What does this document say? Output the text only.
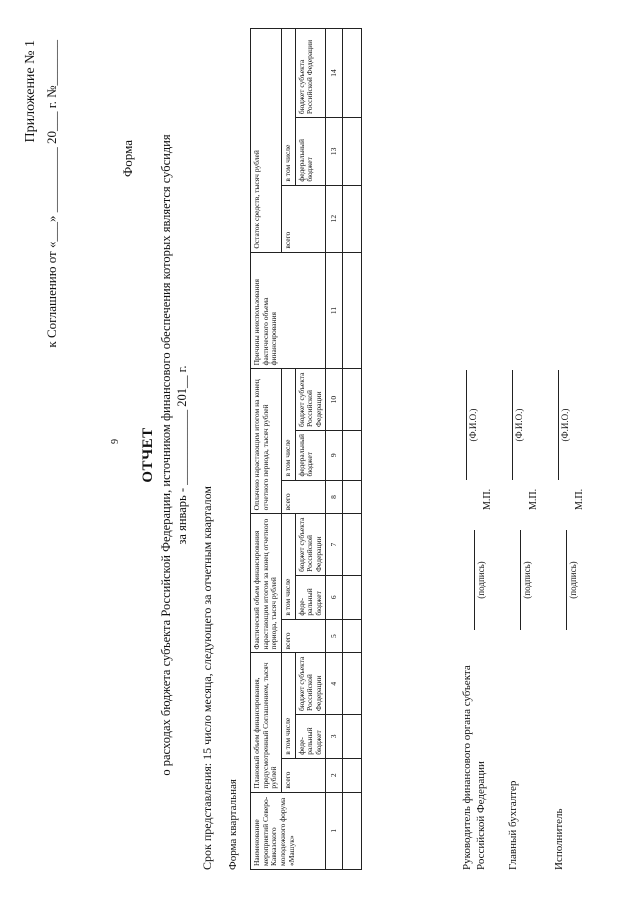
9
Приложение № 1 к Соглашению от «___» __________ 20___ г. №_______	Форма
ОТЧЕТ о расходах бюджета субъекта Российской Федерации, источником финансового обеспечения которых является субсидия за январь - ____________ 201__ г.
Срок представления: 15 число месяца, следующего за отчетным кварталом Форма квартальная Наименование мероприятий Северо-Кавказского молодежного форума «Машук»	Плановый объем финансирования, предусмотренный Соглашением, тысяч рублей			Фактический объем финансирования нарастающим итогом за конец отчетного периода, тысяч рублей			Оплачено нарастающим итогом на конец отчетного периода, тысяч рублей			Причины неиспользования фактического объема финансирования	Остаток средств, тысяч рублей		
	всего	в том числе		всего	в том числе		всего	в том числе			всего	в том числе	
		феде-ральный бюджет	бюджет субъекта Российской Федерации		феде-ральный бюджет	бюджет субъекта Российской Федерации		федеральный бюджет	бюджет субъекта Российской Федерации			федеральный бюджет	бюджет субъекта Российской Федерации
1	2	3	4	5	6	7	8	9	10	11	12	13	14

Руководитель финансового органа субъекта Российской Федерации
(подпись)
М.П.
(Ф.И.О.)
Главный бухгалтер
(подпись)
М.П.
(Ф.И.О.)
Исполнитель
(подпись)
М.П.
(Ф.И.О.)
